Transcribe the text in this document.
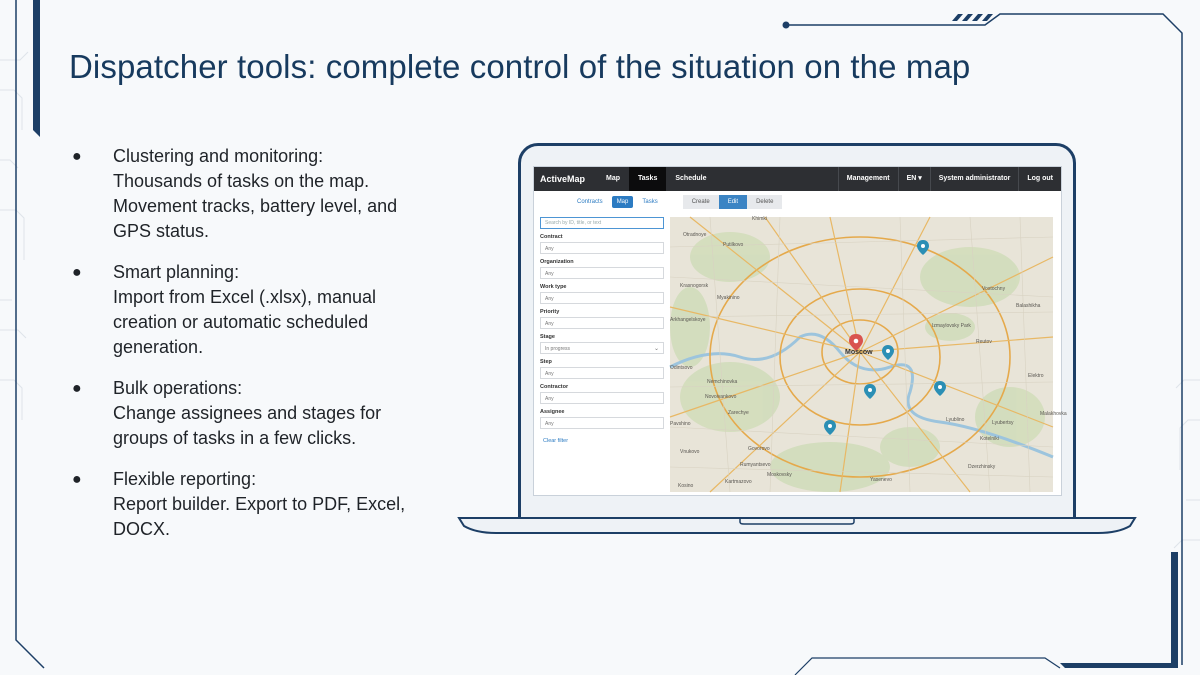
Dispatcher tools: complete control of the situation on the map
● Clustering and monitoring:

Thousands of tasks on the map. Movement tracks, battery level, and GPS status.

● Smart planning:

Import from Excel (.xlsx), manual creation or automatic scheduled generation.

● Bulk operations:

Change assignees and stages for groups of tasks in a few clicks.

● Flexible reporting:

Report builder. Export to PDF, Excel, DOCX.

ActiveMap	Map	Tasks	Schedule	Management	EN ▾	System administrator	Log out
Contracts	Map	Tasks	Create	Edit	Delete
Search by ID, title, or text
Contract
Any
Organization
Any
Work type
Any
Priority
Any
Stage
In progress	⌄
Step
Any
Contractor
Any
Assignee
Any
Clear filter
Khimki
Otradnoye
Putilkovo
Krasnogorsk
Myakinino
Arkhangelskoye
Vostochny
Balashikha
Izmaylovsky Park
Reutov
Moscow
Odintsovo
Nemchinovka
Elektro
Novoivankovo
Malakhovka
Zarechye
Pavshino
Lyublino	Lyubertsy
Kotelniki
Govorovo
Vnukovo
Rumyantsevo	Dzerzhinsky
Moskovsky
Kartmazovo
Kosino
Yasenevo
